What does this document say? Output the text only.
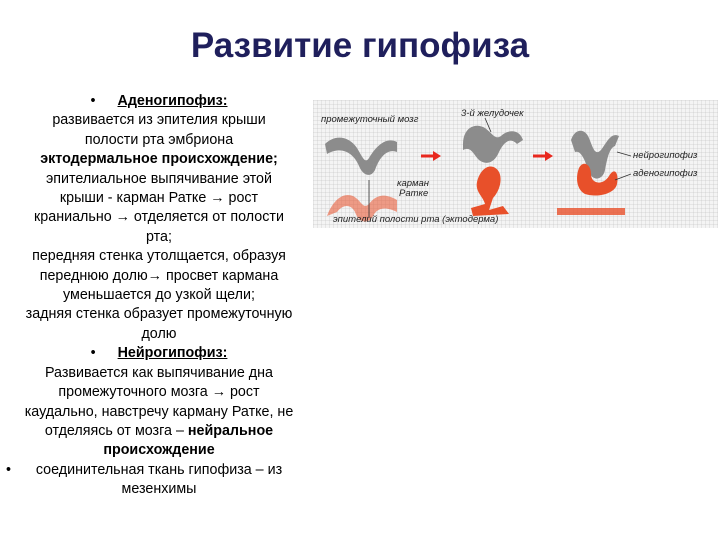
Развитие гипофиза

• Аденогипофиз:

развивается из эпителия крыши

полости рта эмбриона

эктодермальное происхождение;

эпителиальное выпячивание этой

крыши - карман Ратке → рост

краниально → отделяется от полости

рта;

передняя стенка утолщается, образуя

переднюю долю→ просвет кармана

уменьшается до узкой щели;

задняя стенка образует промежуточную

долю

• Нейрогипофиз:

Развивается как выпячивание дна

промежуточного мозга → рост

каудально, навстречу карману Ратке, не

отделяясь от мозга – нейральное

происхождение

• соединительная ткань гипофиза – из

мезенхимы

промежуточный мозг
3-й желудочек
карман
Ратке
эпителий полости рта (эктодерма)
нейрогипофиз
аденогипофиз
